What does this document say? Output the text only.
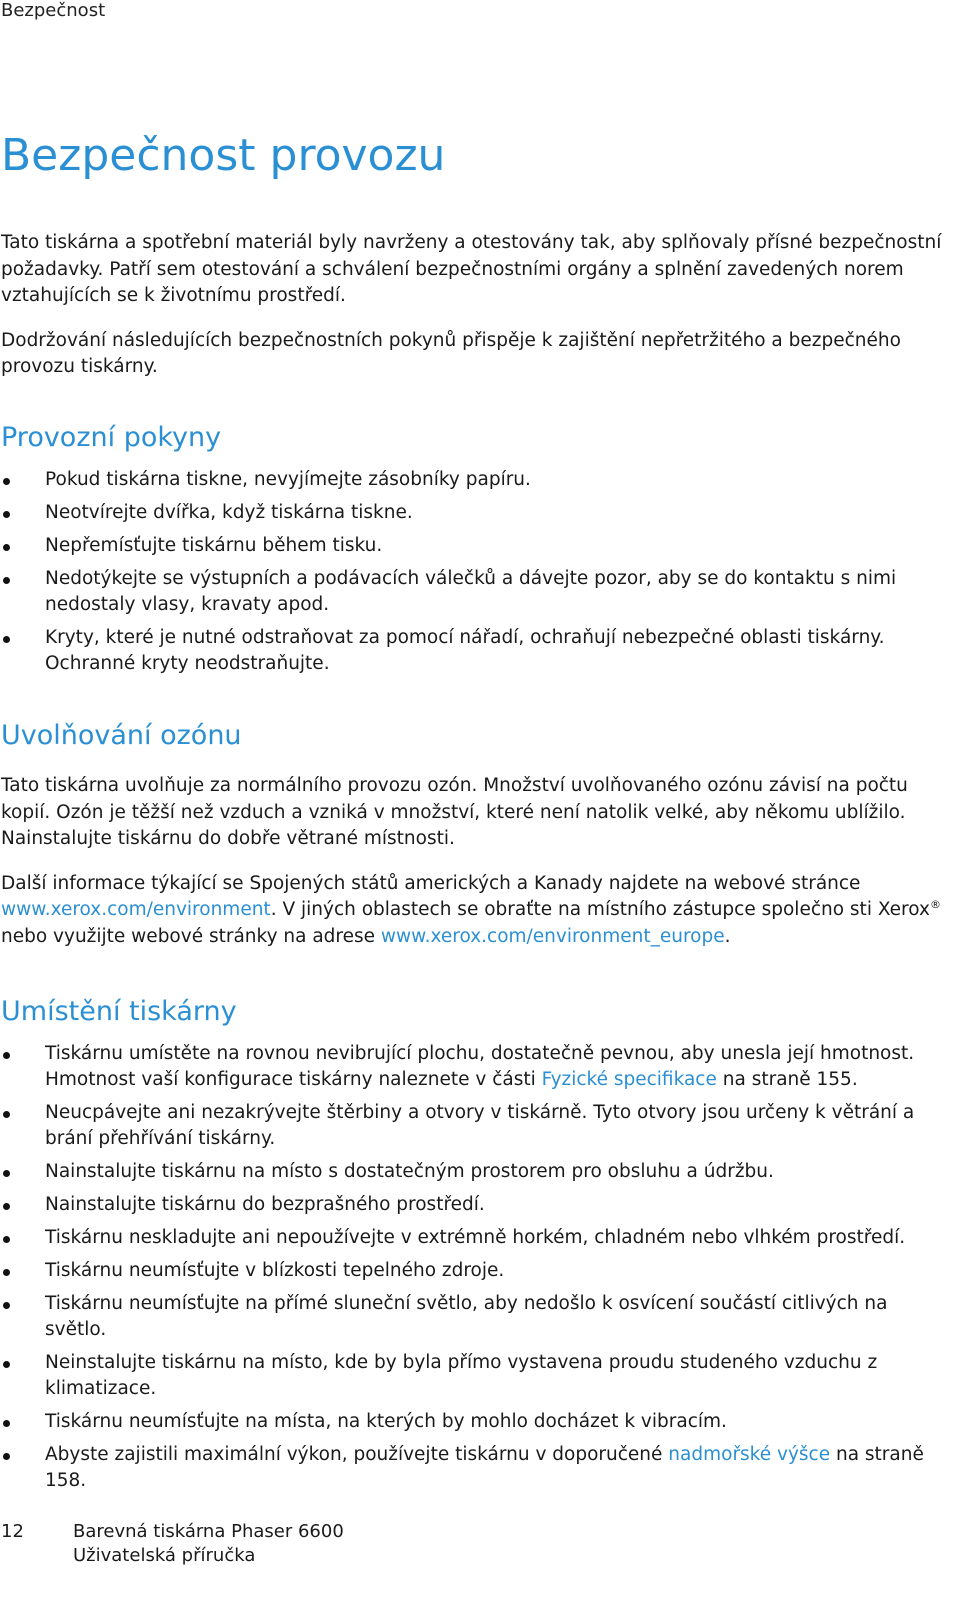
Bezpečnost
Bezpečnost provozu

Tato tiskárna a spotřební materiál byly navrženy a otestovány tak, aby splňovaly přísné bezpečnostní požadavky. Patří sem otestování a schválení bezpečnostními orgány a splnění zavedených norem vztahujících se k životnímu prostředí.

Dodržování následujících bezpečnostních pokynů přispěje k zajištění nepřetržitého a bezpečného provozu tiskárny.

Provozní pokyny
Pokud tiskárna tiskne, nevyjímejte zásobníky papíru.
Neotvírejte dvířka, když tiskárna tiskne.
Nepřemísťujte tiskárnu během tisku.
Nedotýkejte se výstupních a podávacích válečků a dávejte pozor, aby se do kontaktu s nimi nedostaly vlasy, kravaty apod.
Kryty, které je nutné odstraňovat za pomocí nářadí, ochraňují nebezpečné oblasti tiskárny. Ochranné kryty neodstraňujte.
Uvolňování ozónu

Tato tiskárna uvolňuje za normálního provozu ozón. Množství uvolňovaného ozónu závisí na počtu kopií. Ozón je těžší než vzduch a vzniká v množství, které není natolik velké, aby někomu ublížilo. Nainstalujte tiskárnu do dobře větrané místnosti.

Další informace týkající se Spojených států amerických a Kanady najdete na webové stránce www.xerox.com/environment. V jiných oblastech se obraťte na místního zástupce společno sti Xerox® nebo využijte webové stránky na adrese www.xerox.com/environment_europe.

Umístění tiskárny
Tiskárnu umístěte na rovnou nevibrující plochu, dostatečně pevnou, aby unesla její hmotnost. Hmotnost vaší konfigurace tiskárny naleznete v části Fyzické specifikace na straně 155.
Neucpávejte ani nezakrývejte štěrbiny a otvory v tiskárně. Tyto otvory jsou určeny k větrání a brání přehřívání tiskárny.
Nainstalujte tiskárnu na místo s dostatečným prostorem pro obsluhu a údržbu.
Nainstalujte tiskárnu do bezprašného prostředí.
Tiskárnu neskladujte ani nepoužívejte v extrémně horkém, chladném nebo vlhkém prostředí.
Tiskárnu neumísťujte v blízkosti tepelného zdroje.
Tiskárnu neumísťujte na přímé sluneční světlo, aby nedošlo k osvícení součástí citlivých na světlo.
Neinstalujte tiskárnu na místo, kde by byla přímo vystavena proudu studeného vzduchu z klimatizace.
Tiskárnu neumísťujte na místa, na kterých by mohlo docházet k vibracím.
Abyste zajistili maximální výkon, používejte tiskárnu v doporučené nadmořské výšce na straně 158.
12	Barevná tiskárna Phaser 6600
Uživatelská příručka
